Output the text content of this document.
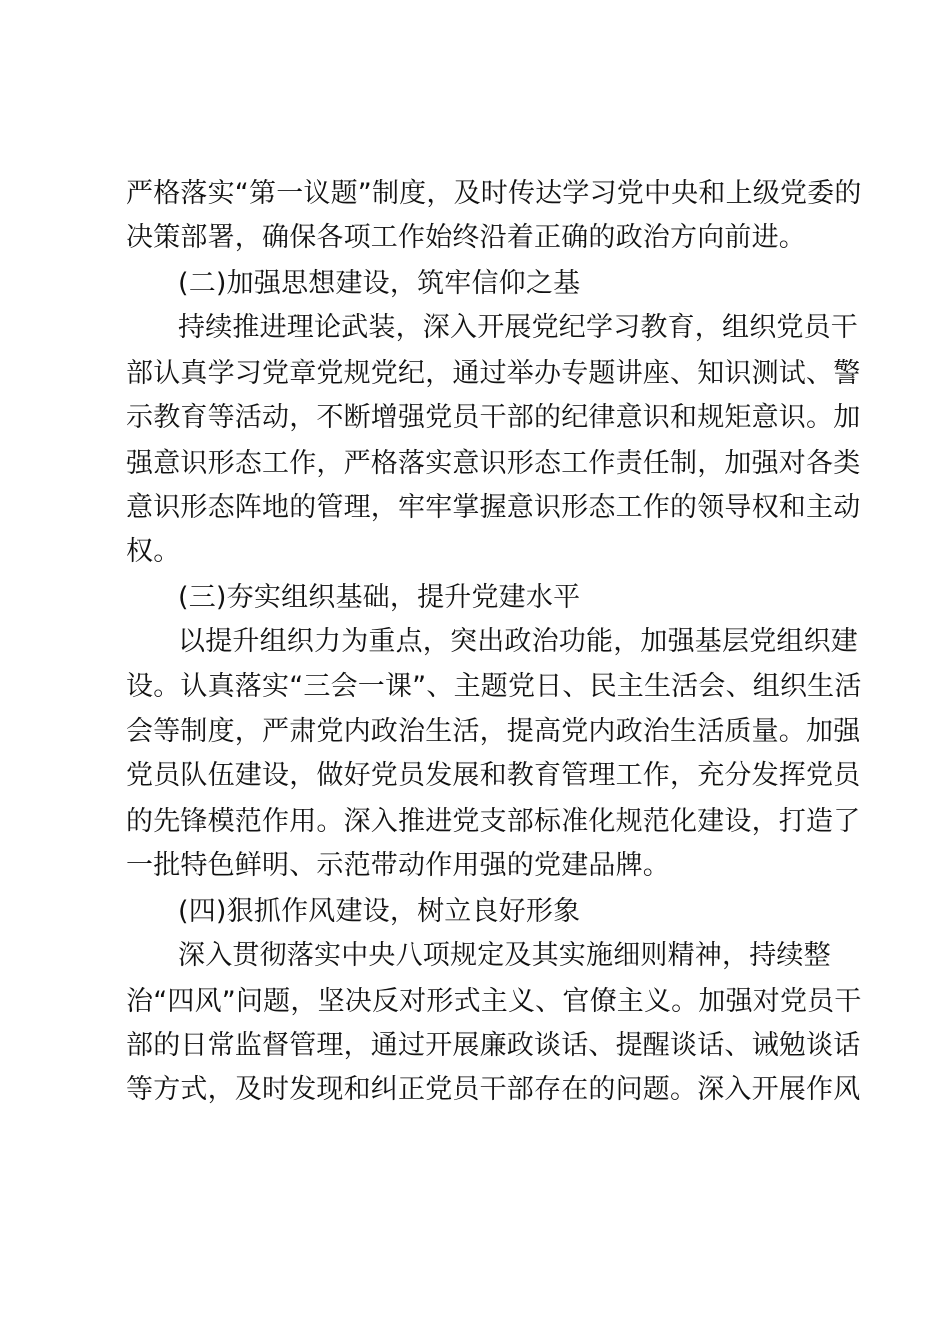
严格落实“第一议题”制度，及时传达学习党中央和上级党委的
决策部署，确保各项工作始终沿着正确的政治方向前进。
(二)加强思想建设，筑牢信仰之基
持续推进理论武装，深入开展党纪学习教育，组织党员干
部认真学习党章党规党纪，通过举办专题讲座、知识测试、警
示教育等活动，不断增强党员干部的纪律意识和规矩意识。加
强意识形态工作，严格落实意识形态工作责任制，加强对各类
意识形态阵地的管理，牢牢掌握意识形态工作的领导权和主动
权。
(三)夯实组织基础，提升党建水平
以提升组织力为重点，突出政治功能，加强基层党组织建
设。认真落实“三会一课”、主题党日、民主生活会、组织生活
会等制度，严肃党内政治生活，提高党内政治生活质量。加强
党员队伍建设，做好党员发展和教育管理工作，充分发挥党员
的先锋模范作用。深入推进党支部标准化规范化建设，打造了
一批特色鲜明、示范带动作用强的党建品牌。
(四)狠抓作风建设，树立良好形象
深入贯彻落实中央八项规定及其实施细则精神，持续整
治“四风”问题，坚决反对形式主义、官僚主义。加强对党员干
部的日常监督管理，通过开展廉政谈话、提醒谈话、诫勉谈话
等方式，及时发现和纠正党员干部存在的问题。深入开展作风
